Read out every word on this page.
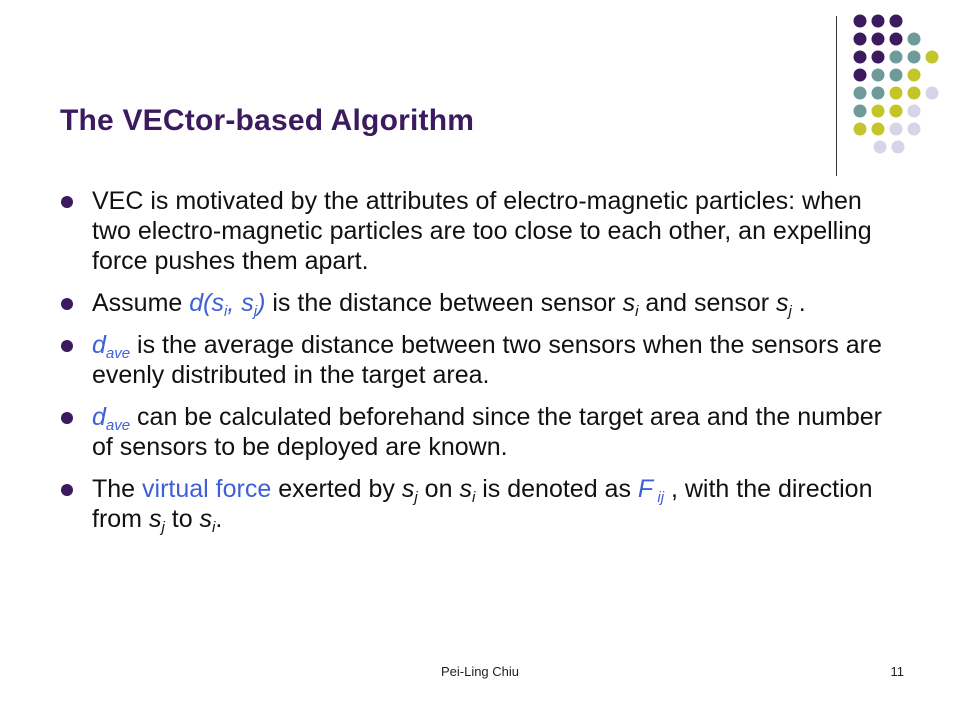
The VECtor-based Algorithm
VEC is motivated by the attributes of electro-magnetic particles: when two electro-magnetic particles are too close to each other, an expelling force pushes them apart.
Assume $d(s_i$, $s_j$) is the distance between sensor $s_i$ and sensor $s_j$ .
$d_{ave}$ is the average distance between two sensors when the sensors are evenly distributed in the target area.
$d_{ave}$ can be calculated beforehand since the target area and the number of sensors to be deployed are known.
The virtual force exerted by $s_j$ on $s_i$ is denoted as F $_{ij}$ , with the direction from $s_j$ to $s_i$.
Pei-Ling Chiu	11
